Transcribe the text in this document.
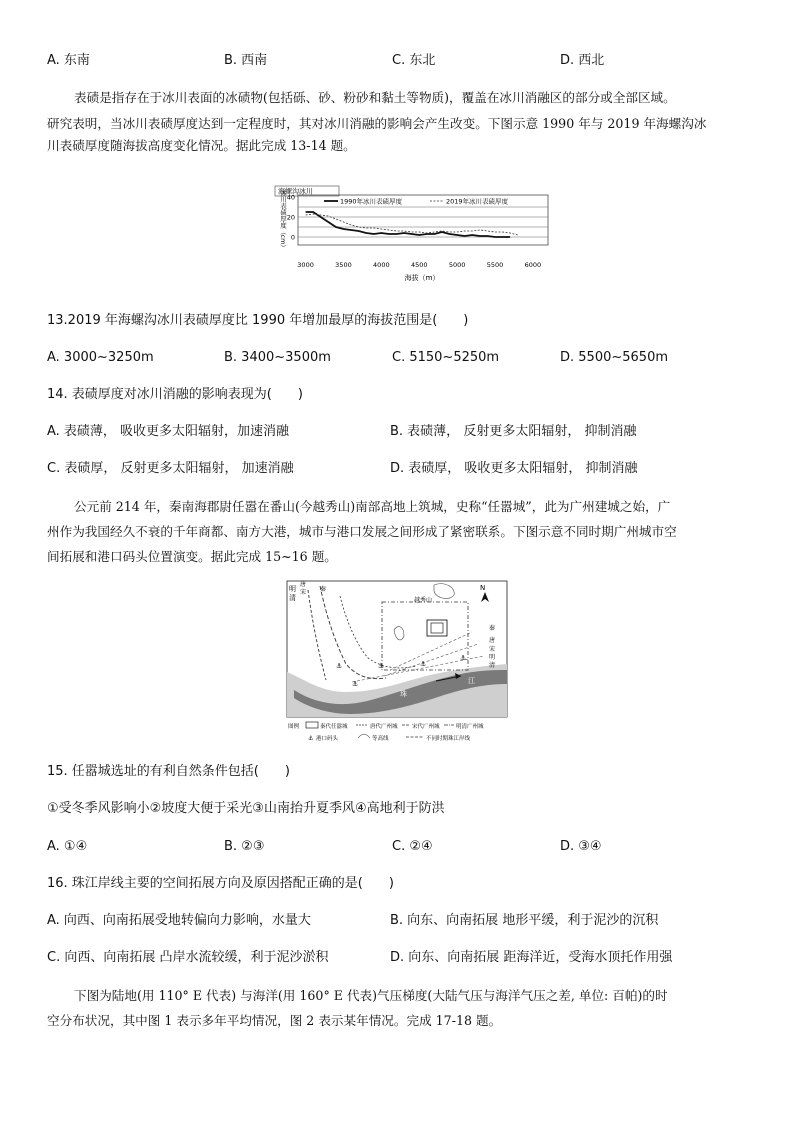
A. 东南	B. 西南	C. 东北	D. 西北
表碛是指存在于冰川表面的冰碛物(包括砾、砂、粉砂和黏土等物质)，覆盖在冰川消融区的部分或全部区域。
研究表明，当冰川表碛厚度达到一定程度时，其对冰川消融的影响会产生改变。下图示意 1990 年与 2019 年海螺沟冰
川表碛厚度随海拔高度变化情况。据此完成 13-14 题。
海螺沟冰川
0
20
40
3000	3500	4000	4500	5000	5500	6000
1990年冰川表碛厚度	2019年冰川表碛厚度
冰川表碛厚度（cm）
海拔（m）
13.2019 年海螺沟冰川表碛厚度比 1990 年增加最厚的海拔范围是(　　)
A. 3000~3250m	B. 3400~3500m	C. 5150~5250m	D. 5500~5650m
14. 表碛厚度对冰川消融的影响表现为(　　)
A. 表碛薄， 吸收更多太阳辐射，加速消融	B. 表碛薄， 反射更多太阳辐射， 抑制消融
C. 表碛厚， 反射更多太阳辐射， 加速消融	D. 表碛厚， 吸收更多太阳辐射， 抑制消融
公元前 214 年，秦南海郡尉任嚣在番山(今越秀山)南部高地上筑城，史称“任嚣城”，此为广州建城之始，广
州作为我国经久不衰的千年商都、南方大港，城市与港口发展之间形成了紧密联系。下图示意不同时期广州城市空
间拓展和港口码头位置演变。据此完成 15~16 题。
明
清
唐
宋 秦
越秀山
N
秦
唐
宋
明
清
珠
江
⚓	⚓	⚓
⚓
⚓
图例	秦代任嚣城	唐代广州城	宋代广州城	明清广州城
⚓ 港口码头	等高线	不同时期珠江岸线
15. 任嚣城选址的有利自然条件包括(　　)
①受冬季风影响小②坡度大便于采光③山南抬升夏季风④高地利于防洪
A. ①④	B. ②③	C. ②④	D. ③④
16. 珠江岸线主要的空间拓展方向及原因搭配正确的是(　　)
A. 向西、向南拓展受地转偏向力影响，水量大	B. 向东、向南拓展 地形平缓，利于泥沙的沉积
C. 向西、向南拓展 凸岸水流较缓，利于泥沙淤积	D. 向东、向南拓展 距海洋近，受海水顶托作用强
下图为陆地(用 110° E 代表) 与海洋(用 160° E 代表)气压梯度(大陆气压与海洋气压之差, 单位: 百帕)的时
空分布状况，其中图 1 表示多年平均情况，图 2 表示某年情况。完成 17-18 题。
